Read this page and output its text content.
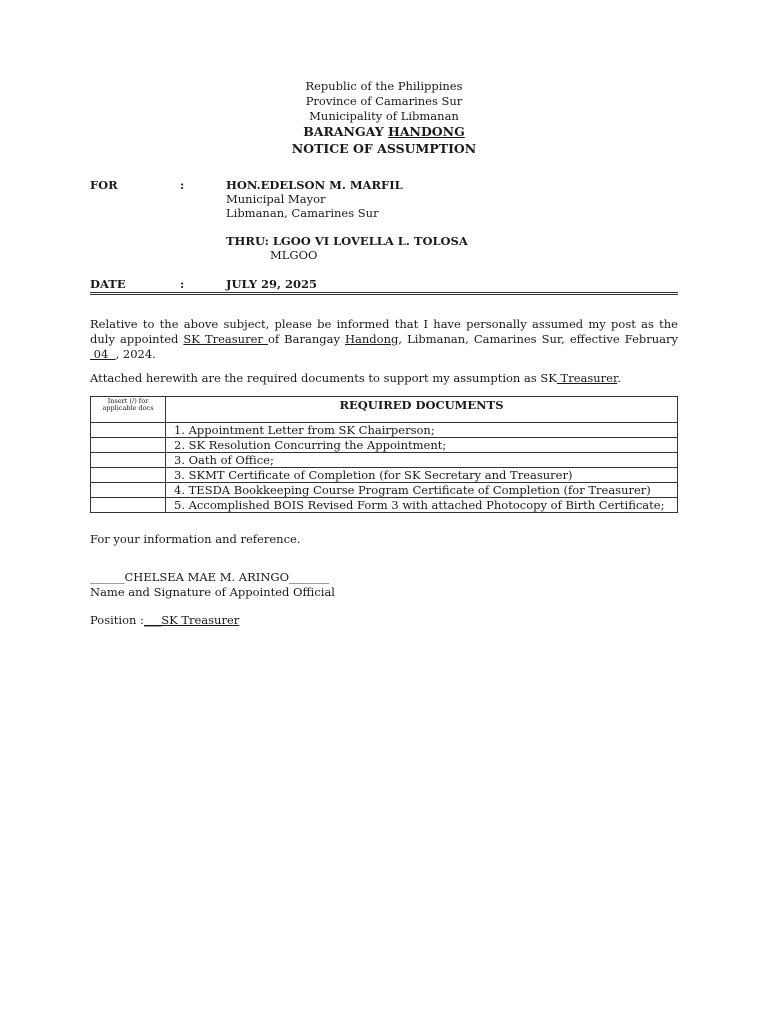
Republic of the Philippines
Province of Camarines Sur
Municipality of Libmanan
BARANGAY HANDONG
NOTICE OF ASSUMPTION
FOR	:	HON.EDELSON M. MARFIL
Municipal Mayor
Libmanan, Camarines Sur
THRU: LGOO VI LOVELLA L. TOLOSA
MLGOO
DATE	:	JULY 29, 2025
Relative to the above subject, please be informed that I have personally assumed my post as the duly appointed SK Treasurer of Barangay Handong, Libmanan, Camarines Sur, effective February  04  , 2024.
Attached herewith are the required documents to support my assumption as SK Treasurer.
Insert (/) for applicable docs	REQUIRED DOCUMENTS
	1. Appointment Letter from SK Chairperson;
	2. SK Resolution Concurring the Appointment;
	3. Oath of Office;
	3. SKMT Certificate of Completion (for SK Secretary and Treasurer)
	4. TESDA Bookkeeping Course Program Certificate of Completion (for Treasurer)
	5. Accomplished BOIS Revised Form 3 with attached Photocopy of Birth Certificate;
For your information and reference.
______CHELSEA MAE M. ARINGO_______
Name and Signature of Appointed Official
Position :___SK Treasurer
